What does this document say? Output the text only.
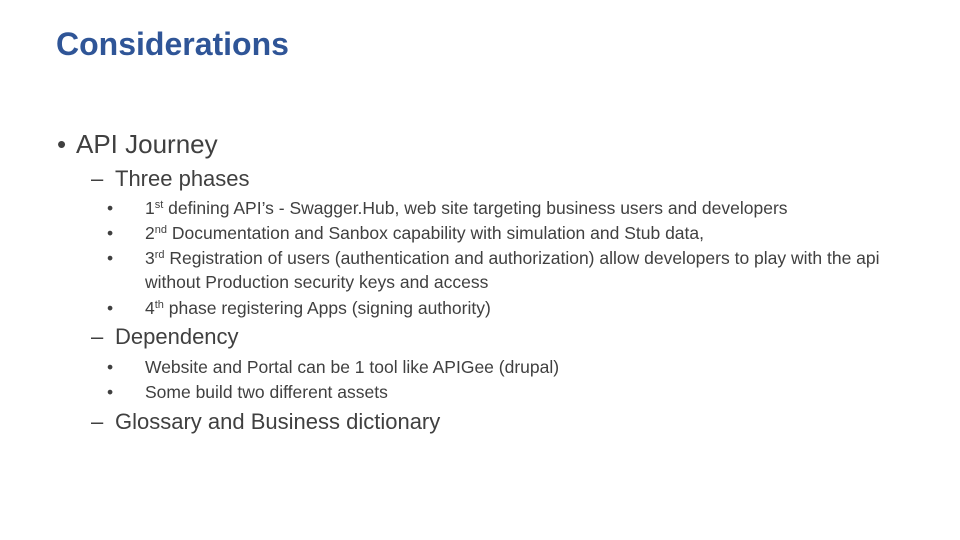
Considerations
• API Journey
– Three phases
• 1st defining API’s - Swagger.Hub, web site targeting business users and developers
• 2nd Documentation and Sanbox capability with simulation and Stub data,
• 3rd Registration of users (authentication and authorization) allow developers to play with the api without Production security keys and access
• 4th phase registering Apps (signing authority)
– Dependency
• Website and Portal can be 1 tool like APIGee (drupal)
• Some build two different assets
– Glossary and Business dictionary
